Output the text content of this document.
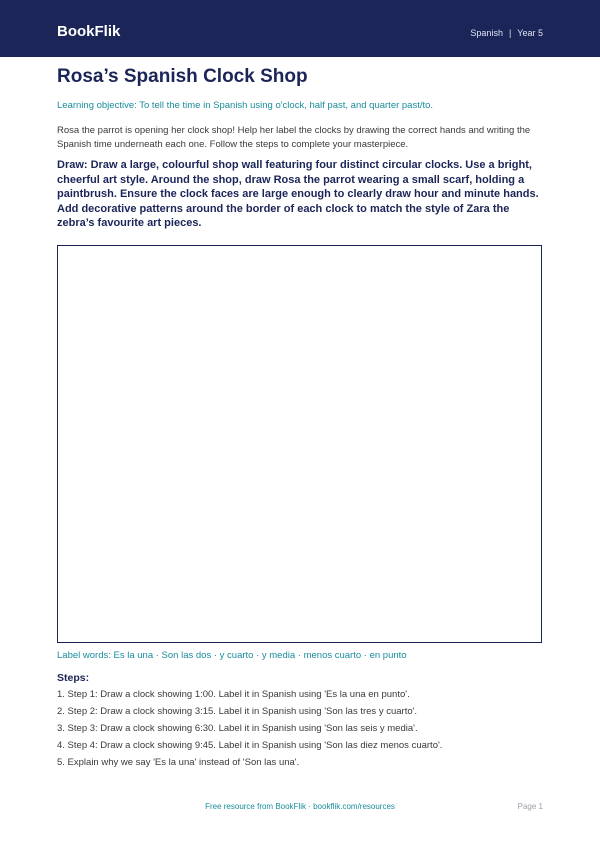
BookFlik	Spanish | Year 5
Rosa’s Spanish Clock Shop
Learning objective: To tell the time in Spanish using o'clock, half past, and quarter past/to.
Rosa the parrot is opening her clock shop! Help her label the clocks by drawing the correct hands and writing the Spanish time underneath each one. Follow the steps to complete your masterpiece.
Draw: Draw a large, colourful shop wall featuring four distinct circular clocks. Use a bright, cheerful art style. Around the shop, draw Rosa the parrot wearing a small scarf, holding a paintbrush. Ensure the clock faces are large enough to clearly draw hour and minute hands. Add decorative patterns around the border of each clock to match the style of Zara the zebra’s favourite art pieces.
Label words: Es la una · Son las dos · y cuarto · y media · menos cuarto · en punto
Steps:
1. Step 1: Draw a clock showing 1:00. Label it in Spanish using 'Es la una en punto'.
2. Step 2: Draw a clock showing 3:15. Label it in Spanish using 'Son las tres y cuarto'.
3. Step 3: Draw a clock showing 6:30. Label it in Spanish using 'Son las seis y media'.
4. Step 4: Draw a clock showing 9:45. Label it in Spanish using 'Son las diez menos cuarto'.
5. Explain why we say 'Es la una' instead of 'Son las una'.
Free resource from BookFlik · bookflik.com/resources	Page 1
